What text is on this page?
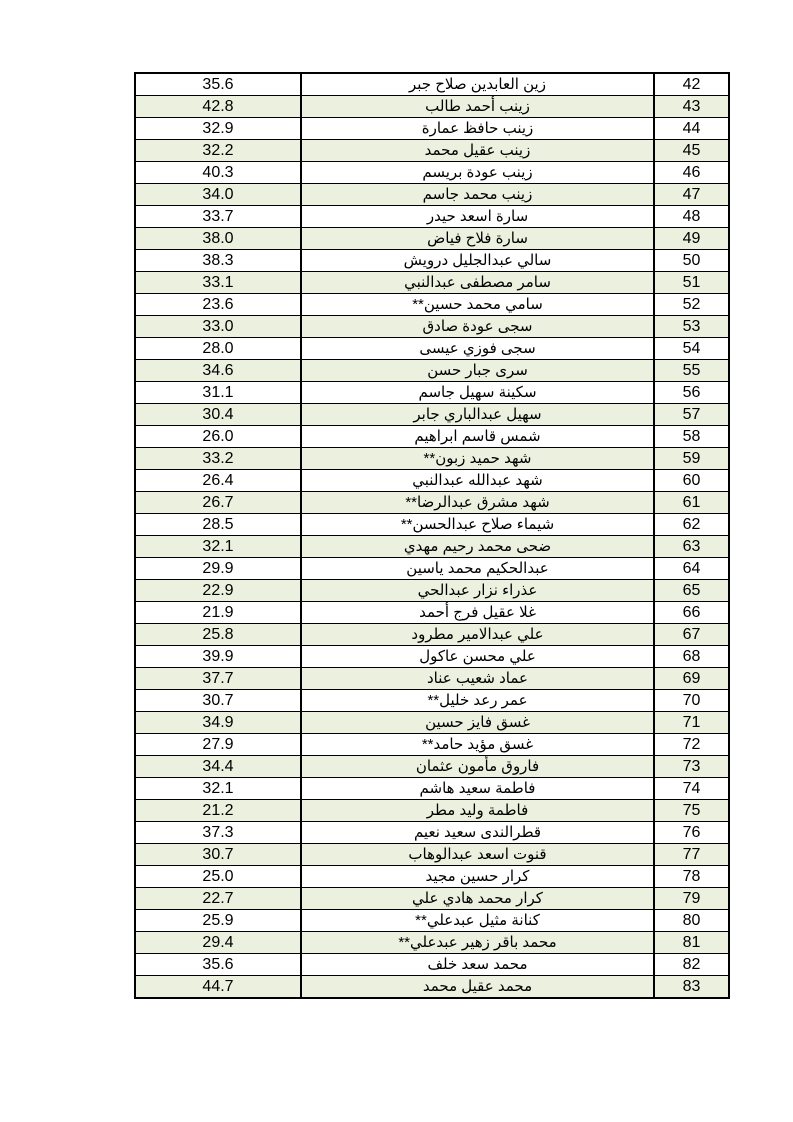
35.6	زين العابدين صلاح جبر	42
42.8	زينب أحمد طالب	43
32.9	زينب حافظ عمارة	44
32.2	زينب عقيل محمد	45
40.3	زينب عودة بريسم	46
34.0	زينب محمد جاسم	47
33.7	سارة اسعد حيدر	48
38.0	سارة فلاح فياض	49
38.3	سالي عبدالجليل درويش	50
33.1	سامر مصطفى عبدالنبي	51
23.6	سامي محمد حسين**	52
33.0	سجى عودة صادق	53
28.0	سجى فوزي عيسى	54
34.6	سرى جبار حسن	55
31.1	سكينة سهيل جاسم	56
30.4	سهيل عبدالباري جابر	57
26.0	شمس قاسم ابراهيم	58
33.2	شهد حميد زبون**	59
26.4	شهد عبدالله عبدالنبي	60
26.7	شهد مشرق عبدالرضا**	61
28.5	شيماء صلاح عبدالحسن**	62
32.1	ضحى محمد رحيم مهدي	63
29.9	عبدالحكيم محمد ياسين	64
22.9	عذراء نزار عبدالحي	65
21.9	غلا عقيل فرج أحمد	66
25.8	علي عبدالامير مطرود	67
39.9	علي محسن عاكول	68
37.7	عماد شعيب عناد	69
30.7	عمر رعد خليل**	70
34.9	غسق فايز حسين	71
27.9	غسق مؤيد حامد**	72
34.4	فاروق مأمون عثمان	73
32.1	فاطمة سعيد هاشم	74
21.2	فاطمة وليد مطر	75
37.3	قطرالندى سعيد نعيم	76
30.7	قنوت اسعد عبدالوهاب	77
25.0	كرار حسين مجيد	78
22.7	كرار محمد هادي علي	79
25.9	كنانة مثيل عبدعلي**	80
29.4	محمد باقر زهير عبدعلي**	81
35.6	محمد سعد خلف	82
44.7	محمد عقيل محمد	83
